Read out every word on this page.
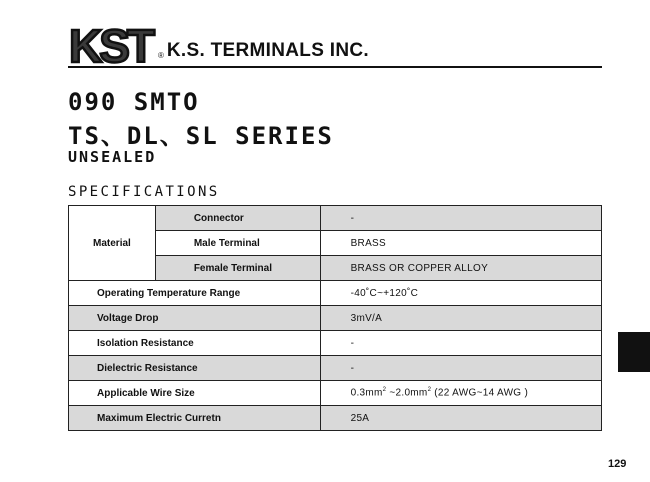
KST ® K.S. TERMINALS INC.
090 SMTO
TS、DL、SL SERIES
UNSEALED
SPECIFICATIONS
Material	Connector	-
	Male Terminal	BRASS
	Female Terminal	BRASS OR COPPER ALLOY
Operating Temperature Range		-40˚C~+120˚C
Voltage Drop		3mV/A
Isolation Resistance		-
Dielectric Resistance		-
Applicable Wire Size		$0.3mm^2$ $\sim 2.0mm^2$ (22 AWG~14 AWG )
Maximum Electric Curretn		25A
129
